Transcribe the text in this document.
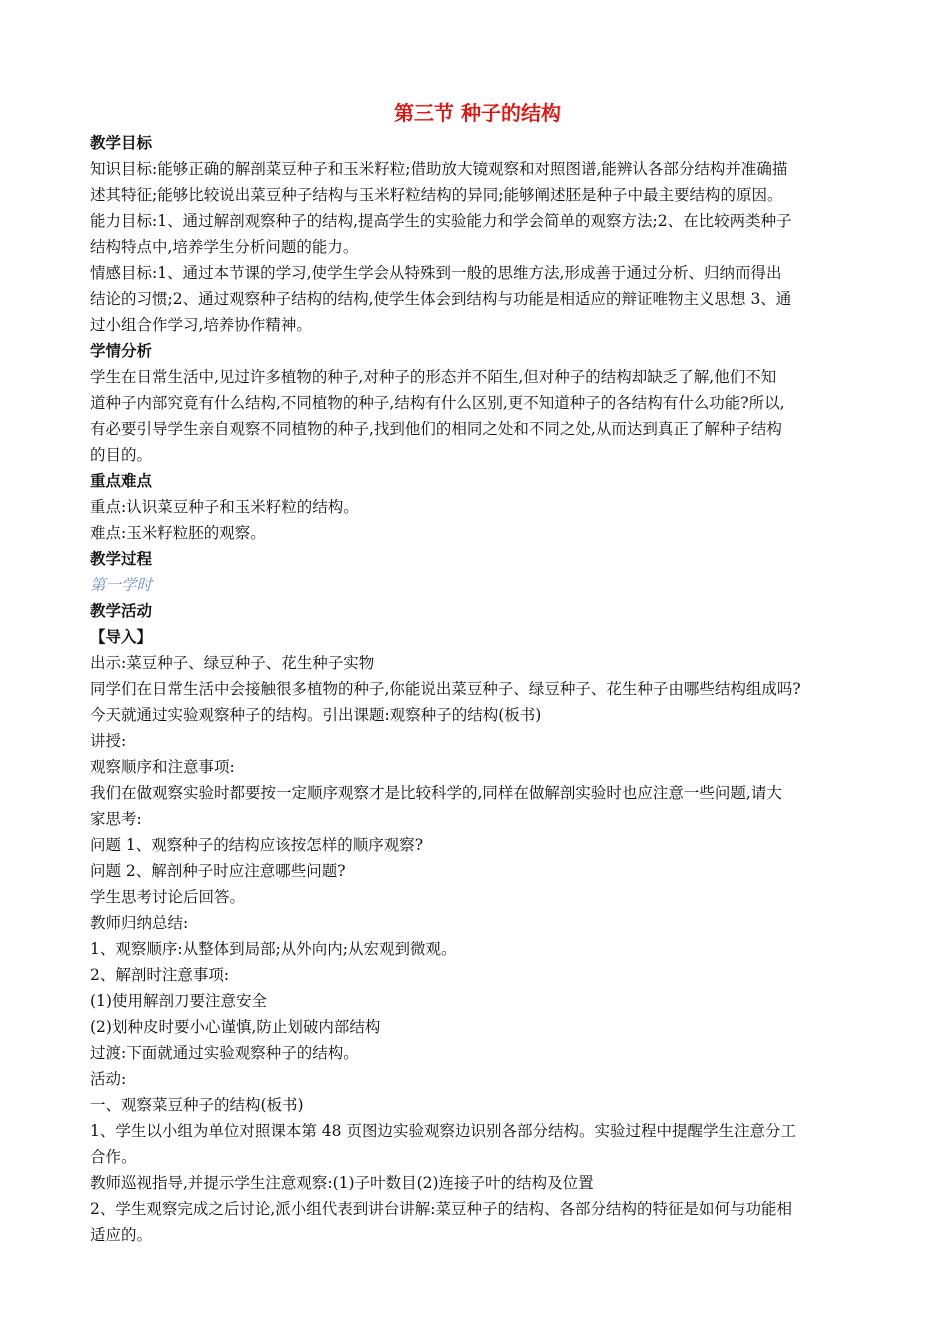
第三节 种子的结构
教学目标
知识目标:能够正确的解剖菜豆种子和玉米籽粒;借助放大镜观察和对照图谱,能辨认各部分结构并准确描
述其特征;能够比较说出菜豆种子结构与玉米籽粒结构的异同;能够阐述胚是种子中最主要结构的原因。
能力目标:1、通过解剖观察种子的结构,提高学生的实验能力和学会简单的观察方法;2、在比较两类种子
结构特点中,培养学生分析问题的能力。
情感目标:1、通过本节课的学习,使学生学会从特殊到一般的思维方法,形成善于通过分析、归纳而得出
结论的习惯;2、通过观察种子结构的结构,使学生体会到结构与功能是相适应的辩证唯物主义思想 3、通
过小组合作学习,培养协作精神。
学情分析
学生在日常生活中,见过许多植物的种子,对种子的形态并不陌生,但对种子的结构却缺乏了解,他们不知
道种子内部究竟有什么结构,不同植物的种子,结构有什么区别,更不知道种子的各结构有什么功能?所以,
有必要引导学生亲自观察不同植物的种子,找到他们的相同之处和不同之处,从而达到真正了解种子结构
的目的。
重点难点
重点:认识菜豆种子和玉米籽粒的结构。
难点:玉米籽粒胚的观察。
教学过程
第一学时
教学活动
【导入】
出示:菜豆种子、绿豆种子、花生种子实物
同学们在日常生活中会接触很多植物的种子,你能说出菜豆种子、绿豆种子、花生种子由哪些结构组成吗?
今天就通过实验观察种子的结构。引出课题:观察种子的结构(板书)
讲授:
观察顺序和注意事项:
我们在做观察实验时都要按一定顺序观察才是比较科学的,同样在做解剖实验时也应注意一些问题,请大
家思考:
问题 1、观察种子的结构应该按怎样的顺序观察?
问题 2、解剖种子时应注意哪些问题?
学生思考讨论后回答。
教师归纳总结:
1、观察顺序:从整体到局部;从外向内;从宏观到微观。
2、解剖时注意事项:
(1)使用解剖刀要注意安全
(2)划种皮时要小心谨慎,防止划破内部结构
过渡:下面就通过实验观察种子的结构。
活动:
一、观察菜豆种子的结构(板书)
1、学生以小组为单位对照课本第 48 页图边实验观察边识别各部分结构。实验过程中提醒学生注意分工
合作。
教师巡视指导,并提示学生注意观察:(1)子叶数目(2)连接子叶的结构及位置
2、学生观察完成之后讨论,派小组代表到讲台讲解:菜豆种子的结构、各部分结构的特征是如何与功能相
适应的。
